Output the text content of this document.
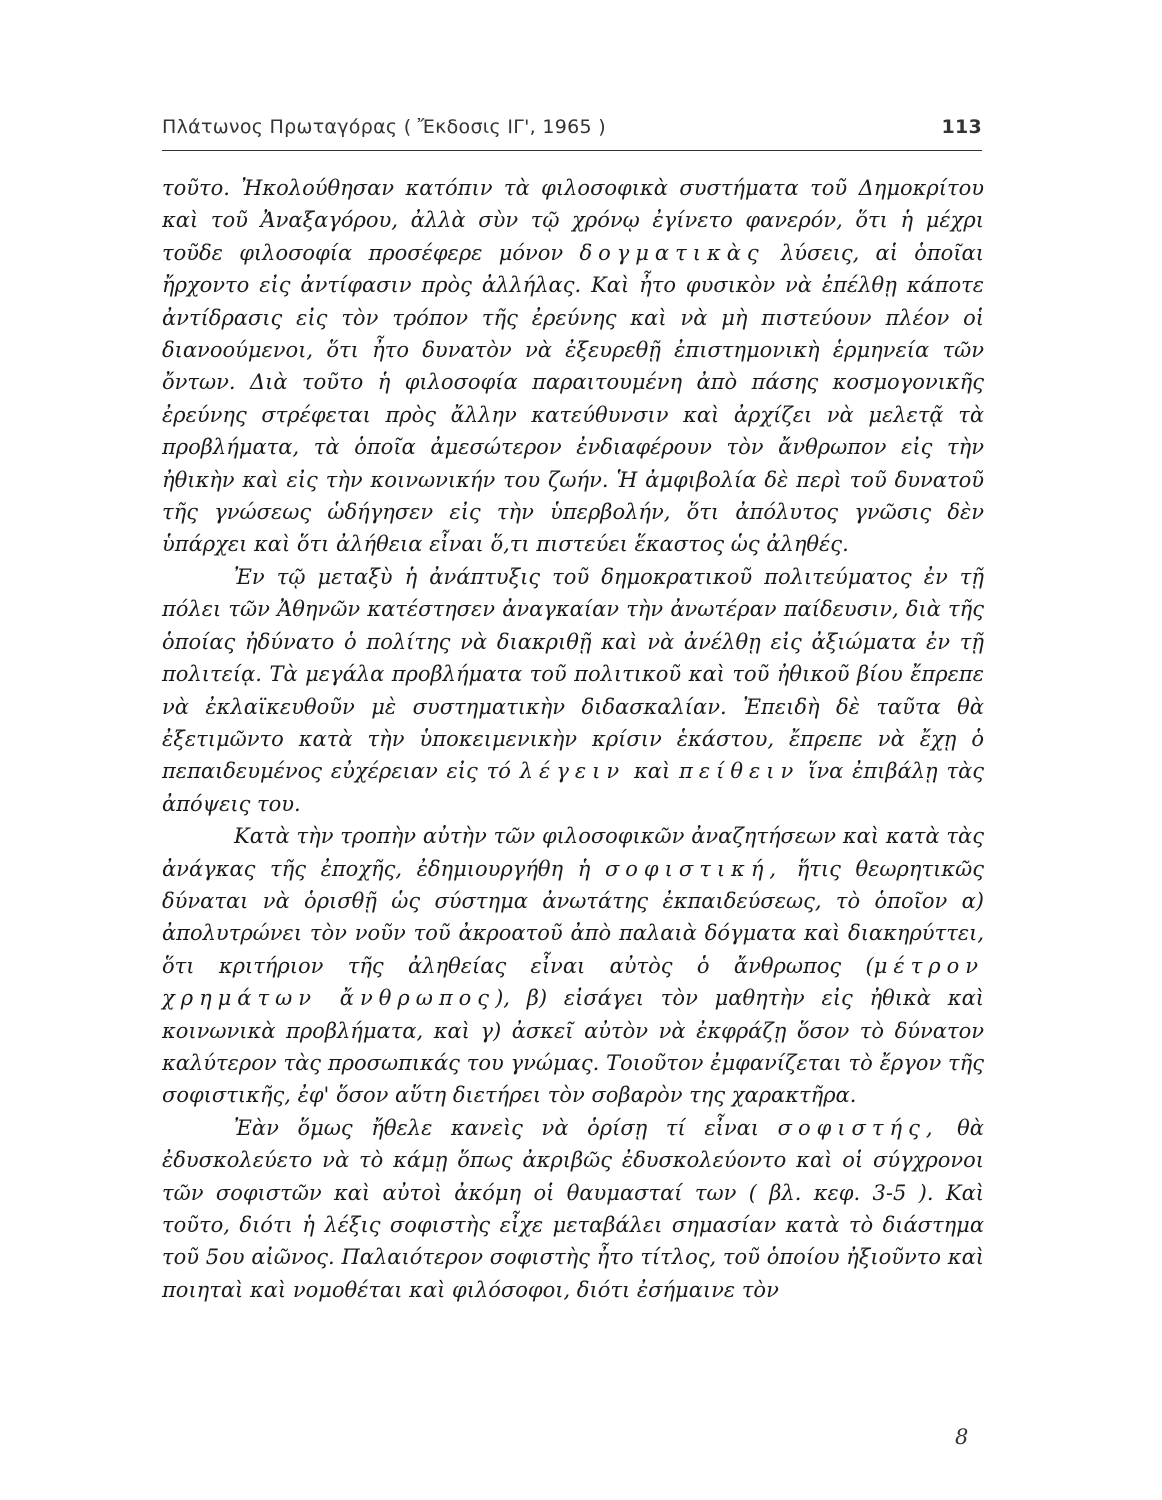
Πλάτωνος Πρωταγόρας ( Ἔκδοσις ΙΓ', 1965 )	113

τοῦτο. Ἠκολούθησαν κατόπιν τὰ φιλοσοφικὰ συστήματα τοῦ Δημοκρίτου καὶ τοῦ Ἀναξαγόρου, ἀλλὰ σὺν τῷ χρόνῳ ἐγίνετο φανερόν, ὅτι ἡ μέχρι τοῦδε φιλοσοφία προσέφερε μόνον δογματικὰς λύσεις, αἱ ὁποῖαι ἤρχοντο εἰς ἀντίφασιν πρὸς ἀλλήλας. Καὶ ἦτο φυσικὸν νὰ ἐπέλθῃ κάποτε ἀντίδρασις εἰς τὸν τρόπον τῆς ἐρεύνης καὶ νὰ μὴ πιστεύουν πλέον οἱ διανοούμενοι, ὅτι ἦτο δυνατὸν νὰ ἐξευρεθῇ ἐπιστημονικὴ ἑρμηνεία τῶν ὄντων. Διὰ τοῦτο ἡ φιλοσοφία παραιτουμένη ἀπὸ πάσης κοσμογονικῆς ἐρεύνης στρέφεται πρὸς ἄλλην κατεύθυνσιν καὶ ἀρχίζει νὰ μελετᾷ τὰ προβλήματα, τὰ ὁποῖα ἀμεσώτερον ἐνδιαφέρουν τὸν ἄνθρωπον εἰς τὴν ἠθικὴν καὶ εἰς τὴν κοινωνικήν του ζωήν. Ἡ ἀμφιβολία δὲ περὶ τοῦ δυνατοῦ τῆς γνώσεως ὡδήγησεν εἰς τὴν ὑπερβολήν, ὅτι ἀπόλυτος γνῶσις δὲν ὑπάρχει καὶ ὅτι ἀλήθεια εἶναι ὅ,τι πιστεύει ἕκαστος ὡς ἀληθές.

Ἐν τῷ μεταξὺ ἡ ἀνάπτυξις τοῦ δημοκρατικοῦ πολιτεύματος ἐν τῇ πόλει τῶν Ἀθηνῶν κατέστησεν ἀναγκαίαν τὴν ἀνωτέραν παίδευσιν, διὰ τῆς ὁποίας ἠδύνατο ὁ πολίτης νὰ διακριθῇ καὶ νὰ ἀνέλθῃ εἰς ἀξιώματα ἐν τῇ πολιτείᾳ. Τὰ μεγάλα προβλήματα τοῦ πολιτικοῦ καὶ τοῦ ἠθικοῦ βίου ἔπρεπε νὰ ἐκλαϊκευθοῦν μὲ συστηματικὴν διδασκαλίαν. Ἐπειδὴ δὲ ταῦτα θὰ ἐξετιμῶντο κατὰ τὴν ὑποκειμενικὴν κρίσιν ἑκάστου, ἔπρεπε νὰ ἔχῃ ὁ πεπαιδευμένος εὐχέρειαν εἰς τό λέγειν καὶ πείθειν ἵνα ἐπιβάλῃ τὰς ἀπόψεις του.

Κατὰ τὴν τροπὴν αὐτὴν τῶν φιλοσοφικῶν ἀναζητήσεων καὶ κατὰ τὰς ἀνάγκας τῆς ἐποχῆς, ἐδημιουργήθη ἡ σοφιστική, ἥτις θεωρητικῶς δύναται νὰ ὁρισθῇ ὡς σύστημα ἀνωτάτης ἐκπαιδεύσεως, τὸ ὁποῖον α) ἀπολυτρώνει τὸν νοῦν τοῦ ἀκροατοῦ ἀπὸ παλαιὰ δόγματα καὶ διακηρύττει, ὅτι κριτήριον τῆς ἀληθείας εἶναι αὐτὸς ὁ ἄνθρωπος (μέτρον χρημάτων ἄνθρωπος), β) εἰσάγει τὸν μαθητὴν εἰς ἠθικὰ καὶ κοινωνικὰ προβλήματα, καὶ γ) ἀσκεῖ αὐτὸν νὰ ἐκφράζῃ ὅσον τὸ δύνατον καλύτερον τὰς προσωπικάς του γνώμας. Τοιοῦτον ἐμφανίζεται τὸ ἔργον τῆς σοφιστικῆς, ἐφ' ὅσον αὕτη διετήρει τὸν σοβαρὸν της χαρακτῆρα.

Ἐὰν ὅμως ἤθελε κανεὶς νὰ ὁρίσῃ τί εἶναι σοφιστής, θὰ ἐδυσκολεύετο νὰ τὸ κάμῃ ὅπως ἀκριβῶς ἐδυσκολεύοντο καὶ οἱ σύγχρονοι τῶν σοφιστῶν καὶ αὐτοὶ ἀκόμη οἱ θαυμασταί των ( βλ. κεφ. 3-5 ). Καὶ τοῦτο, διότι ἡ λέξις σοφιστὴς εἶχε μεταβάλει σημασίαν κατὰ τὸ διάστημα τοῦ 5ου αἰῶνος. Παλαιότερον σοφιστὴς ἦτο τίτλος, τοῦ ὁποίου ἠξιοῦντο καὶ ποιηταὶ καὶ νομοθέται καὶ φιλόσοφοι, διότι ἐσήμαινε τὸν

8
